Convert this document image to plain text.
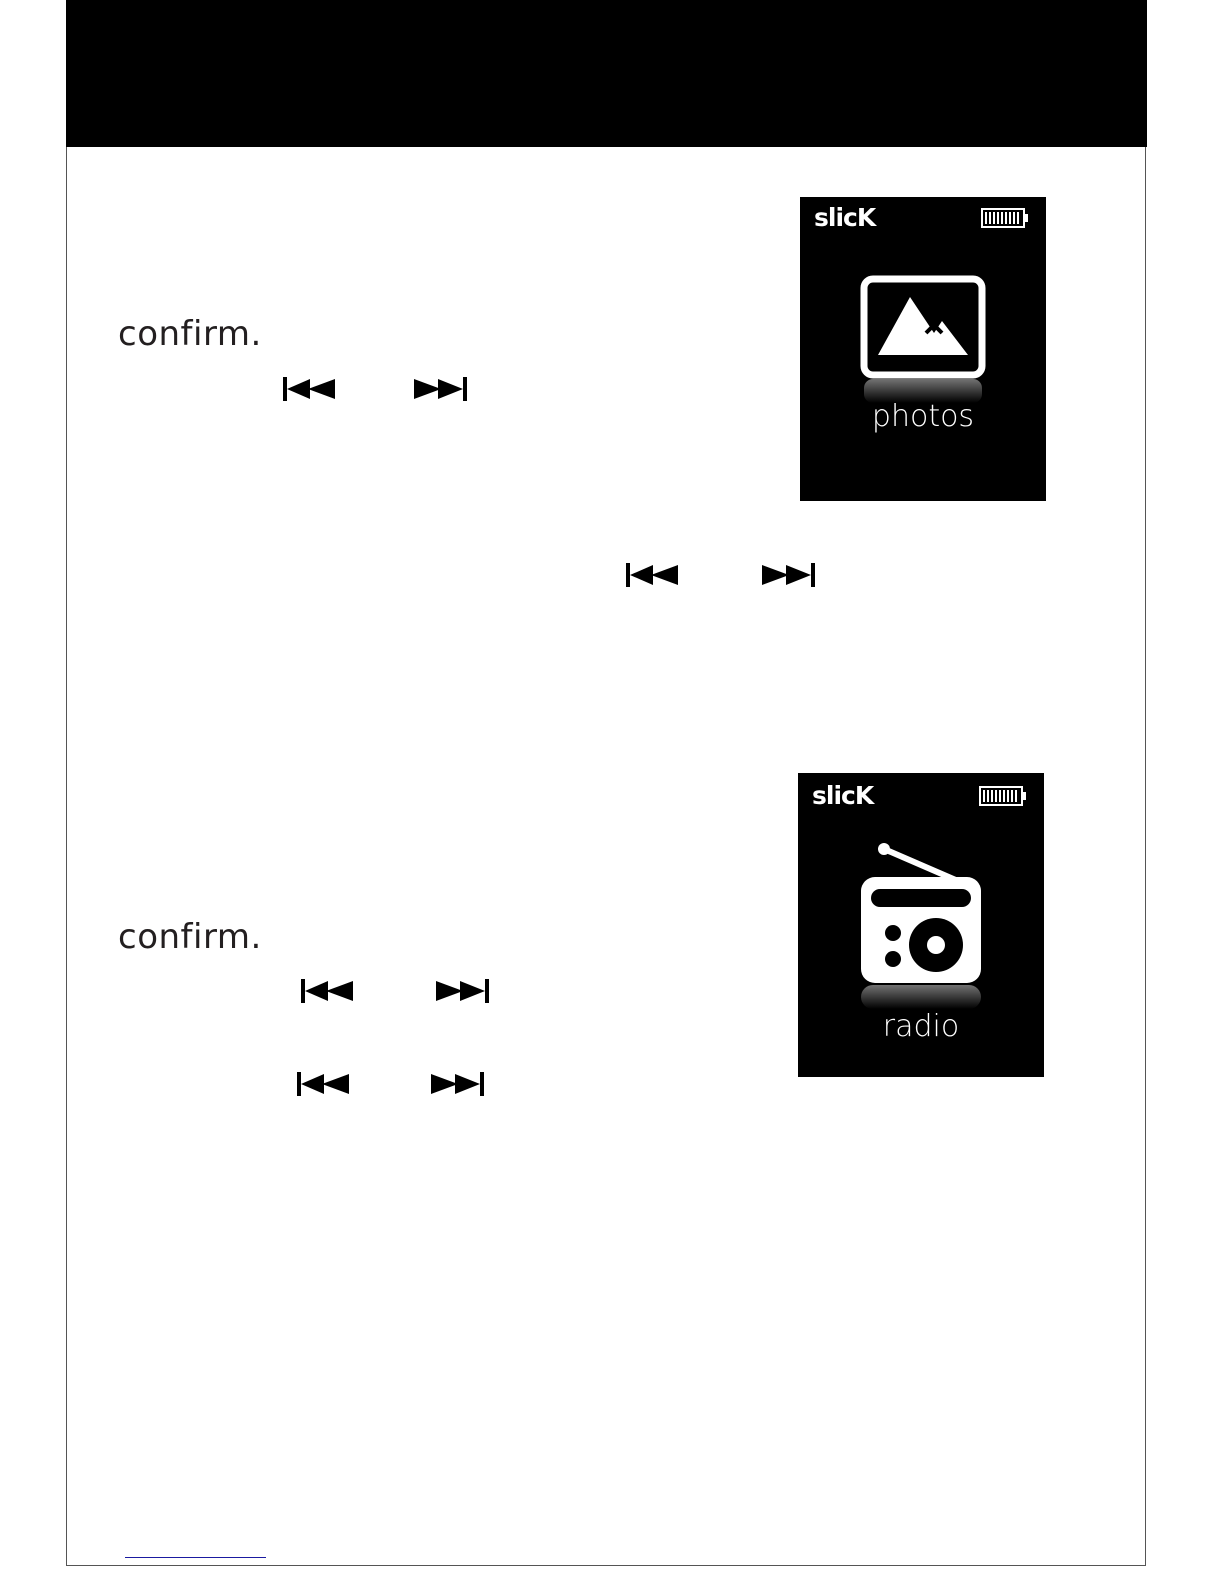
confirm.
slicK
photos
slicK
radio
confirm.
